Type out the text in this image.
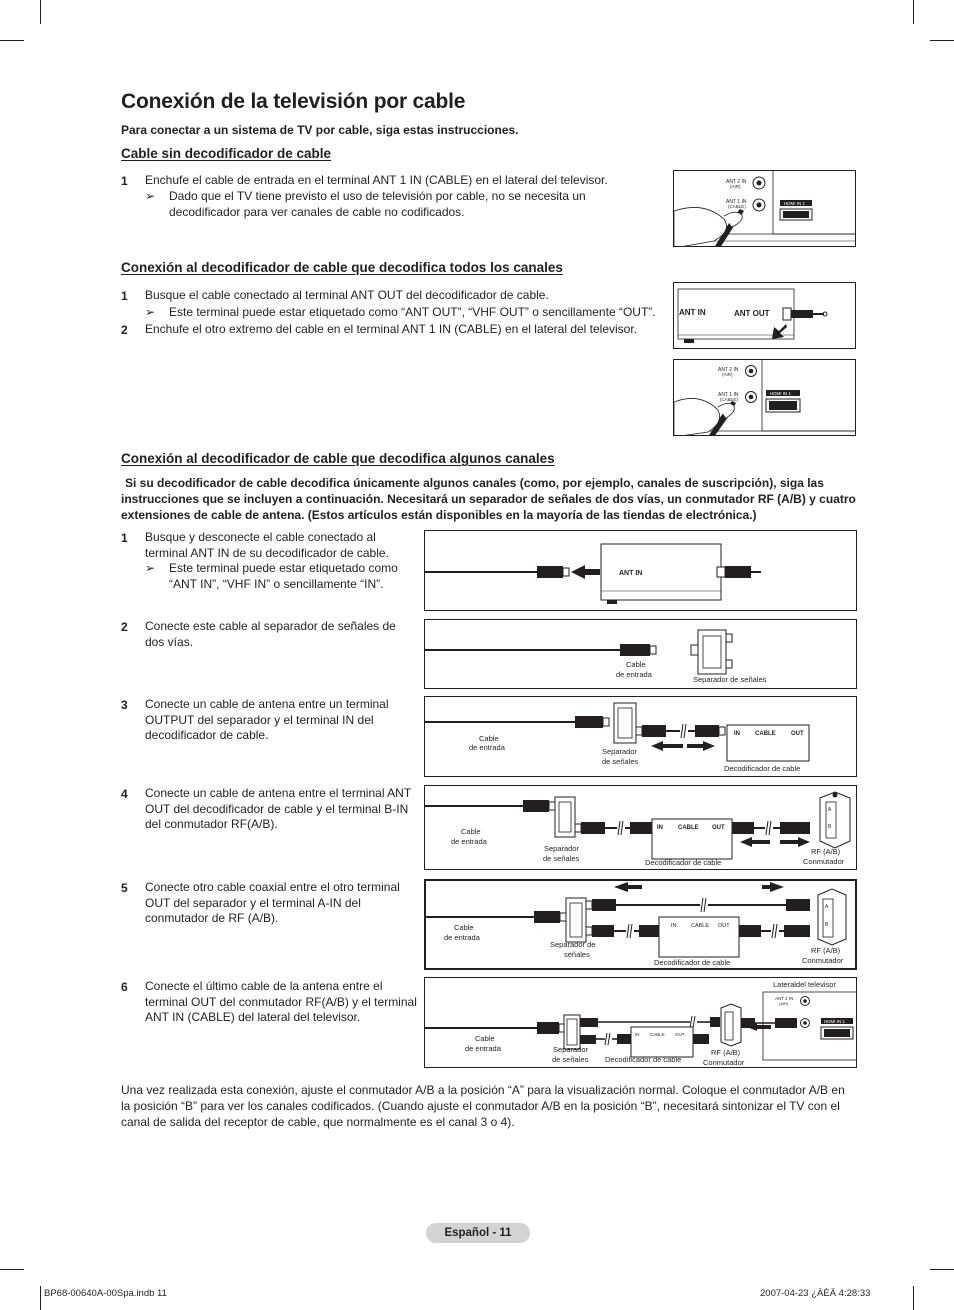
Conexión de la televisión por cable
Para conectar a un sistema de TV por cable, siga estas instrucciones.
Cable sin decodificador de cable
1 Enchufe el cable de entrada en el terminal ANT 1 IN (CABLE) en el lateral del televisor.
➢ Dado que el TV tiene previsto el uso de televisión por cable, no se necesita un decodificador para ver canales de cable no codificados.
ANT 2 IN
(AIR)
ANT 1 IN
(CABLE)
HDMI IN 1
Conexión al decodificador de cable que decodifica todos los canales
1 Busque el cable conectado al terminal ANT OUT del decodificador de cable.
➢ Este terminal puede estar etiquetado como “ANT OUT”, “VHF OUT” o sencillamente “OUT”.
2 Enchufe el otro extremo del cable en el terminal ANT 1 IN (CABLE) en el lateral del televisor.
ANT IN	ANT OUT
ANT 2 IN
(AIR)
ANT 1 IN
(CABLE)
HDMI IN 1
Conexión al decodificador de cable que decodifica algunos canales
Si su decodificador de cable decodifica únicamente algunos canales (como, por ejemplo, canales de suscripción), siga las instrucciones que se incluyen a continuación. Necesitará un separador de señales de dos vías, un conmutador RF (A/B) y cuatro extensiones de cable de antena. (Estos artículos están disponibles en la mayoría de las tiendas de electrónica.)
1 Busque y desconecte el cable conectado al terminal ANT IN de su decodificador de cable.
➢ Este terminal puede estar etiquetado como “ANT IN”, “VHF IN” o sencillamente “IN”.
2 Conecte este cable al separador de señales de dos vías.
3 Conecte un cable de antena entre un terminal OUTPUT del separador y el terminal IN del decodificador de cable.
4 Conecte un cable de antena entre el terminal ANT OUT del decodificador de cable y el terminal B-IN del conmutador RF(A/B).
5 Conecte otro cable coaxial entre el otro terminal OUT del separador y el terminal A-IN del conmutador de RF (A/B).
6 Conecte el último cable de la antena entre el terminal OUT del conmutador RF(A/B) y el terminal ANT IN (CABLE) del lateral del televisor.
ANT IN
Cable
de entrada
Separador de señales
IN	CABLE	OUT
Cable
de entrada	Separador
de señales
Decodificador de cable
IN	CABLE OUT
A
B
Cable
de entrada
Separador
de señales	Decodificador de cable
RF (A/B)
Conmutador
IN	CABLE OUT
A
B
Cable
de entrada
Separador de
señales
Decodificador de cable
RF (A/B)
Conmutador
Lateraldel televisor
ANT 2 IN
(AIR)
HDMI IN 1
IN CABLE OUT
Cable
de entrada	Separador
de señales Decodificador de cable
RF (A/B)
Conmutador
Una vez realizada esta conexión, ajuste el conmutador A/B a la posición “A” para la visualización normal. Coloque el conmutador A/B en la posición “B” para ver los canales codificados. (Cuando ajuste el conmutador A/B en la posición “B”, necesitará sintonizar el TV con el canal de salida del receptor de cable, que normalmente es el canal 3 o 4).
Español - 11
BP68-00640A-00Spa.indb 11	2007-04-23 ¿ÀÈÄ 4:28:33
